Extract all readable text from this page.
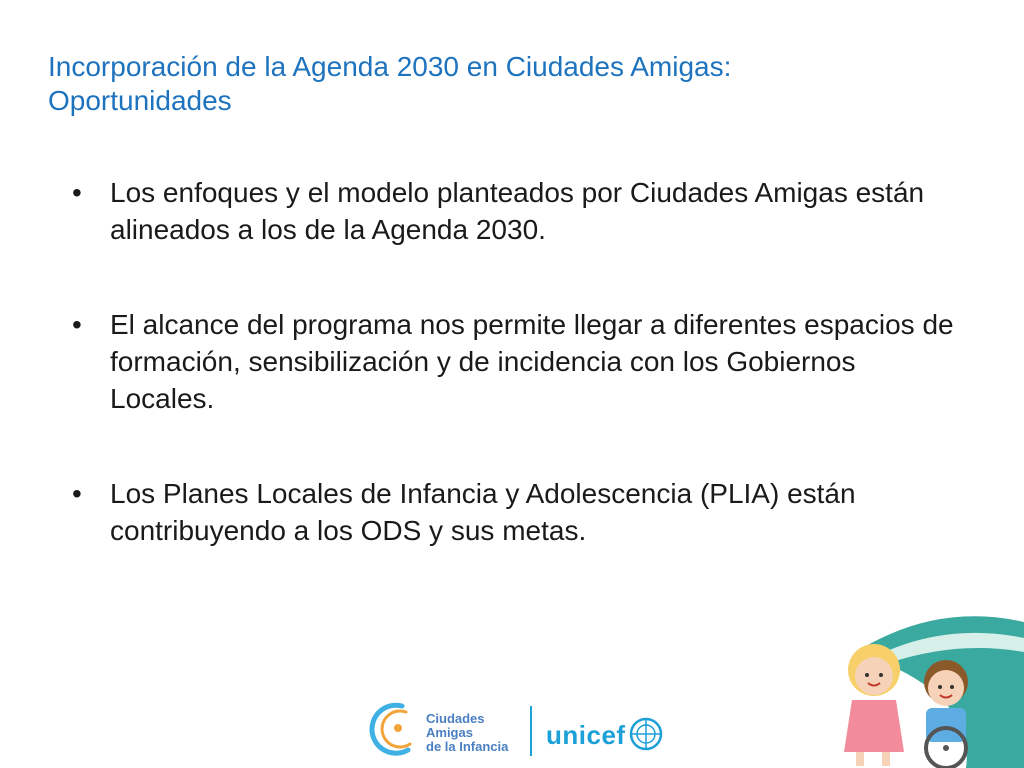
Incorporación de la Agenda 2030 en Ciudades Amigas:
Oportunidades
• Los enfoques y el modelo planteados por Ciudades Amigas están alineados a los de la Agenda 2030.
• El alcance del programa nos permite llegar a diferentes espacios de formación, sensibilización y de incidencia con los Gobiernos Locales.
• Los Planes Locales de Infancia y Adolescencia (PLIA) están contribuyendo a los ODS y sus metas.
Ciudades
Amigas
de la Infancia unicef
